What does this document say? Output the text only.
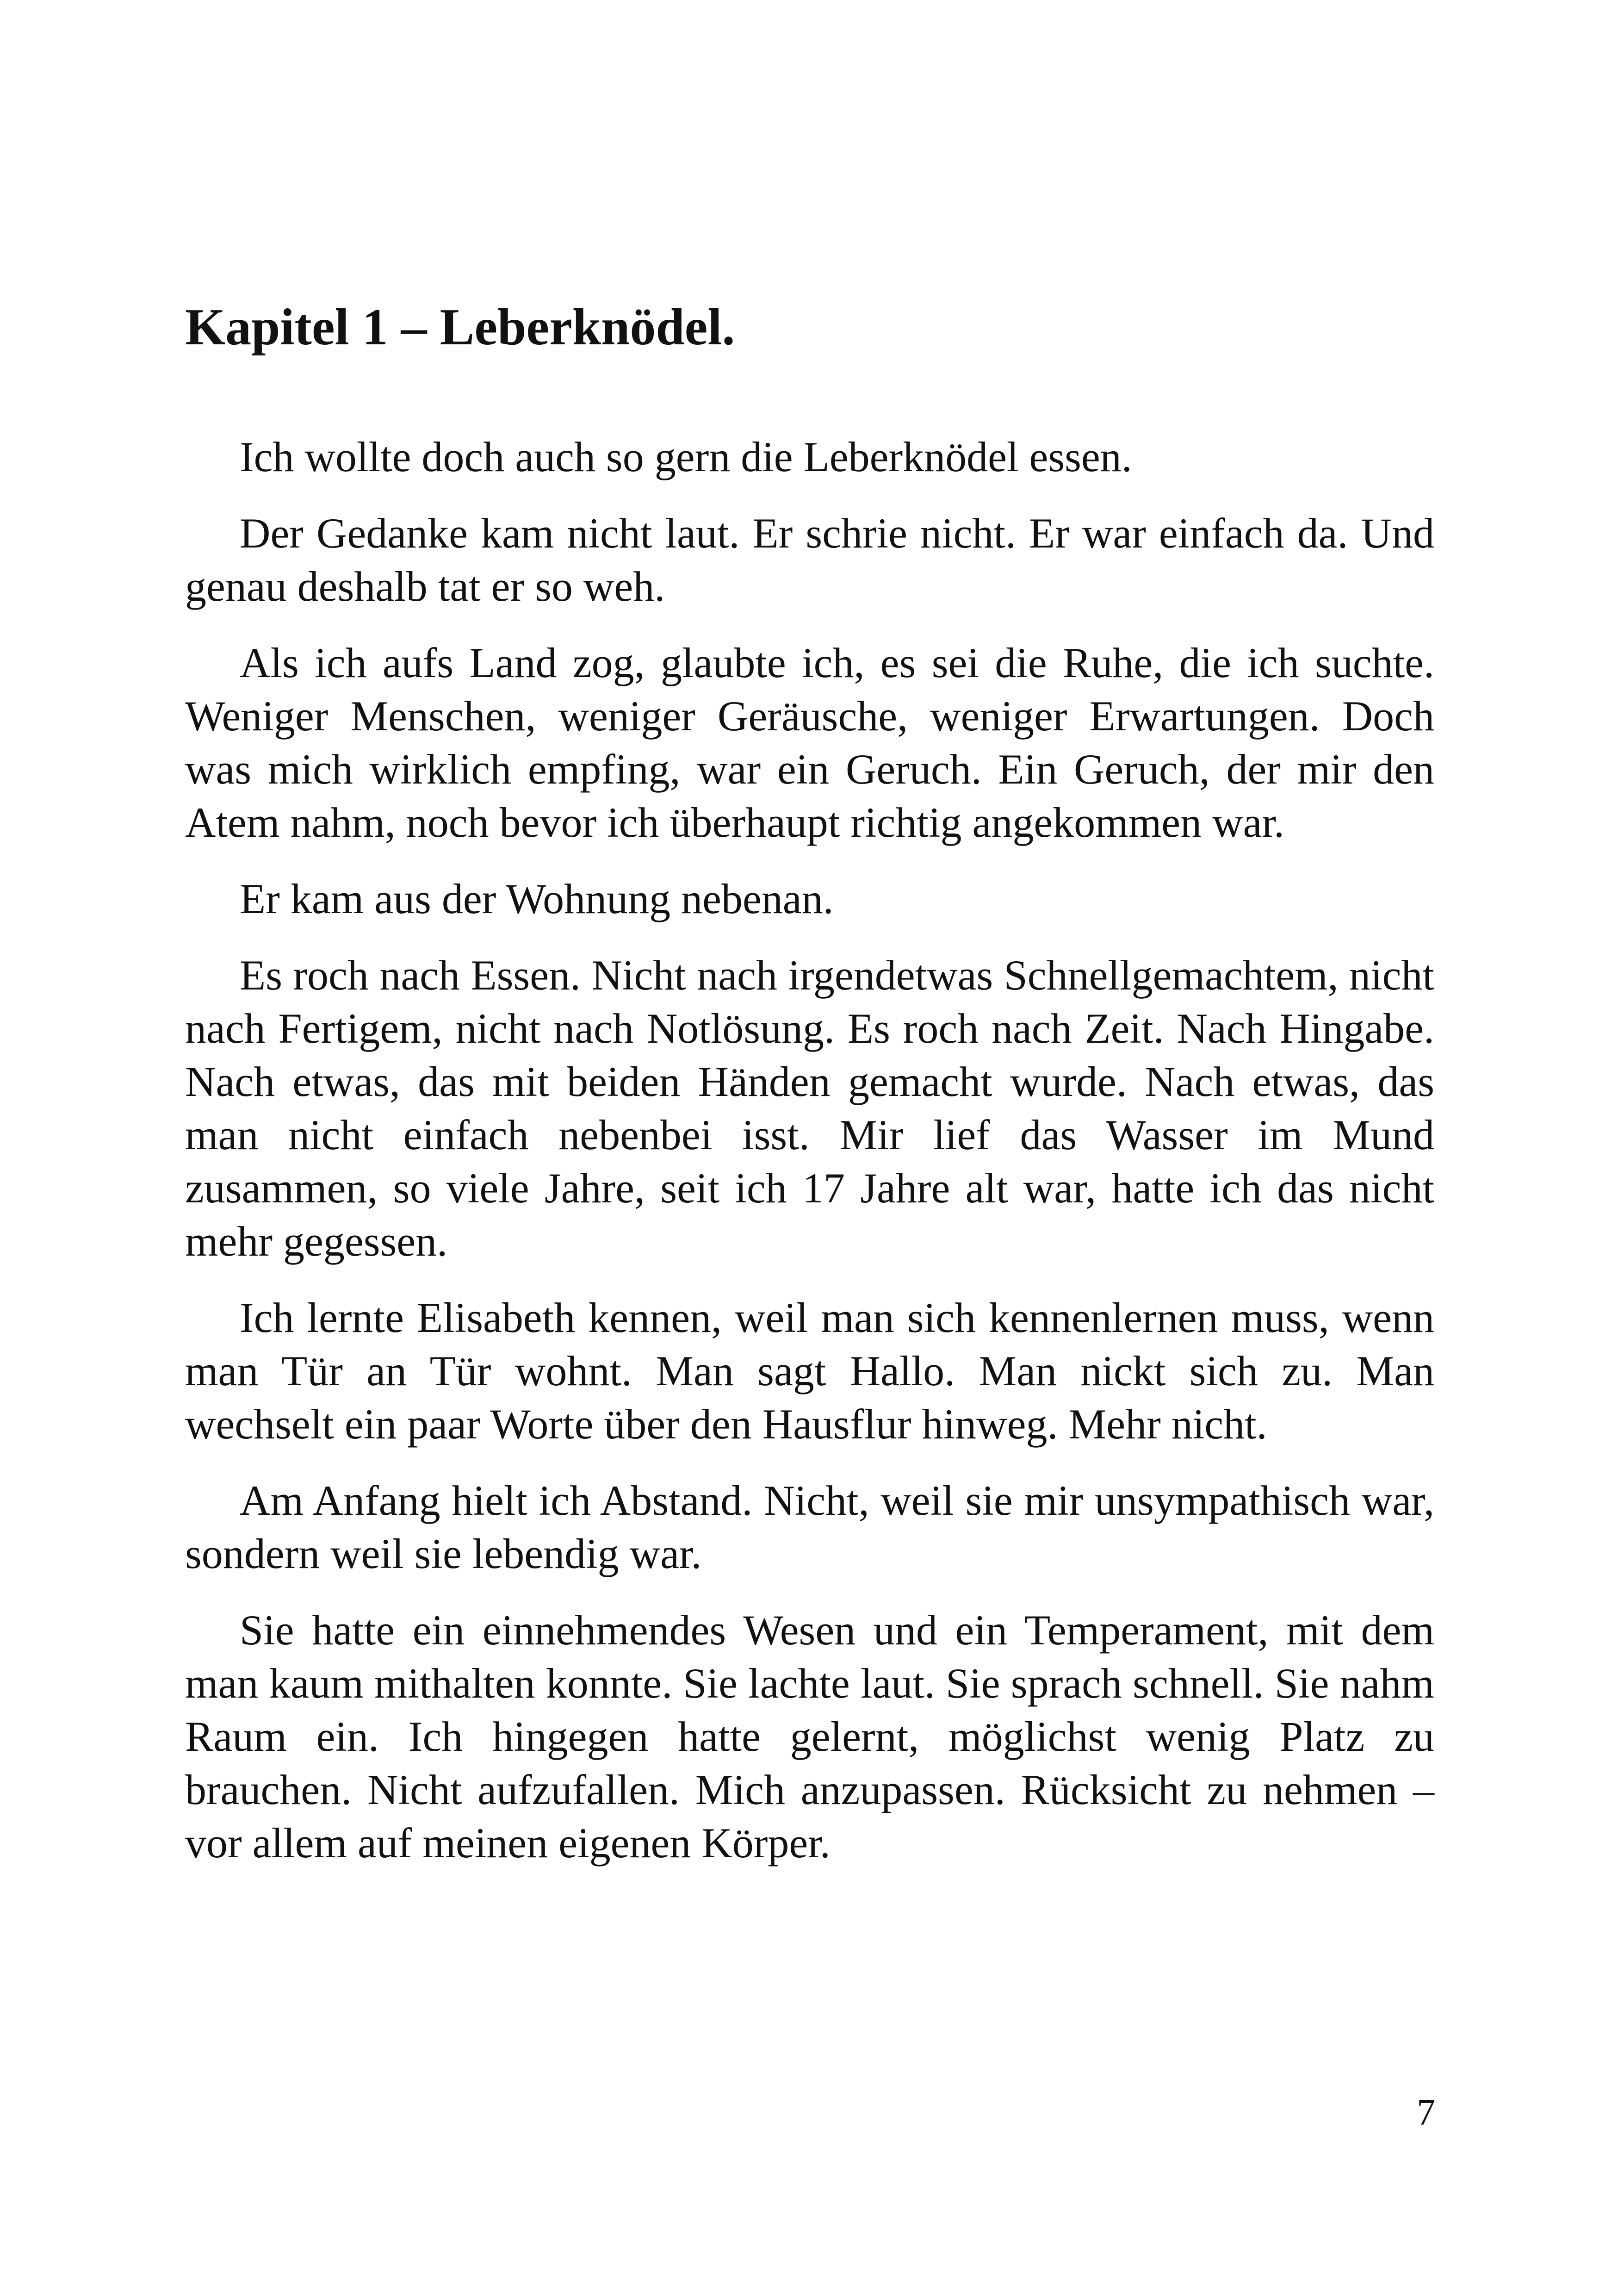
Kapitel 1 – Leberknödel.

Ich wollte doch auch so gern die Leberknödel essen.

Der Gedanke kam nicht laut. Er schrie nicht. Er war einfach da. Und genau deshalb tat er so weh.

Als ich aufs Land zog, glaubte ich, es sei die Ruhe, die ich suchte. Weniger Menschen, weniger Geräusche, weniger Erwartungen. Doch was mich wirklich empfing, war ein Geruch. Ein Geruch, der mir den Atem nahm, noch bevor ich überhaupt richtig angekommen war.

Er kam aus der Wohnung nebenan.

Es roch nach Essen. Nicht nach irgendetwas Schnellgemachtem, nicht nach Fertigem, nicht nach Notlösung. Es roch nach Zeit. Nach Hingabe. Nach etwas, das mit beiden Händen gemacht wurde. Nach etwas, das man nicht einfach nebenbei isst. Mir lief das Wasser im Mund zusammen, so viele Jahre, seit ich 17 Jahre alt war, hatte ich das nicht mehr gegessen.

Ich lernte Elisabeth kennen, weil man sich kennenlernen muss, wenn man Tür an Tür wohnt. Man sagt Hallo. Man nickt sich zu. Man wechselt ein paar Worte über den Hausflur hinweg. Mehr nicht.

Am Anfang hielt ich Abstand. Nicht, weil sie mir unsympathisch war, sondern weil sie lebendig war.

Sie hatte ein einnehmendes Wesen und ein Temperament, mit dem man kaum mithalten konnte. Sie lachte laut. Sie sprach schnell. Sie nahm Raum ein. Ich hingegen hatte gelernt, möglichst wenig Platz zu brauchen. Nicht aufzufallen. Mich anzupassen. Rücksicht zu nehmen – vor allem auf meinen eigenen Körper.

7
